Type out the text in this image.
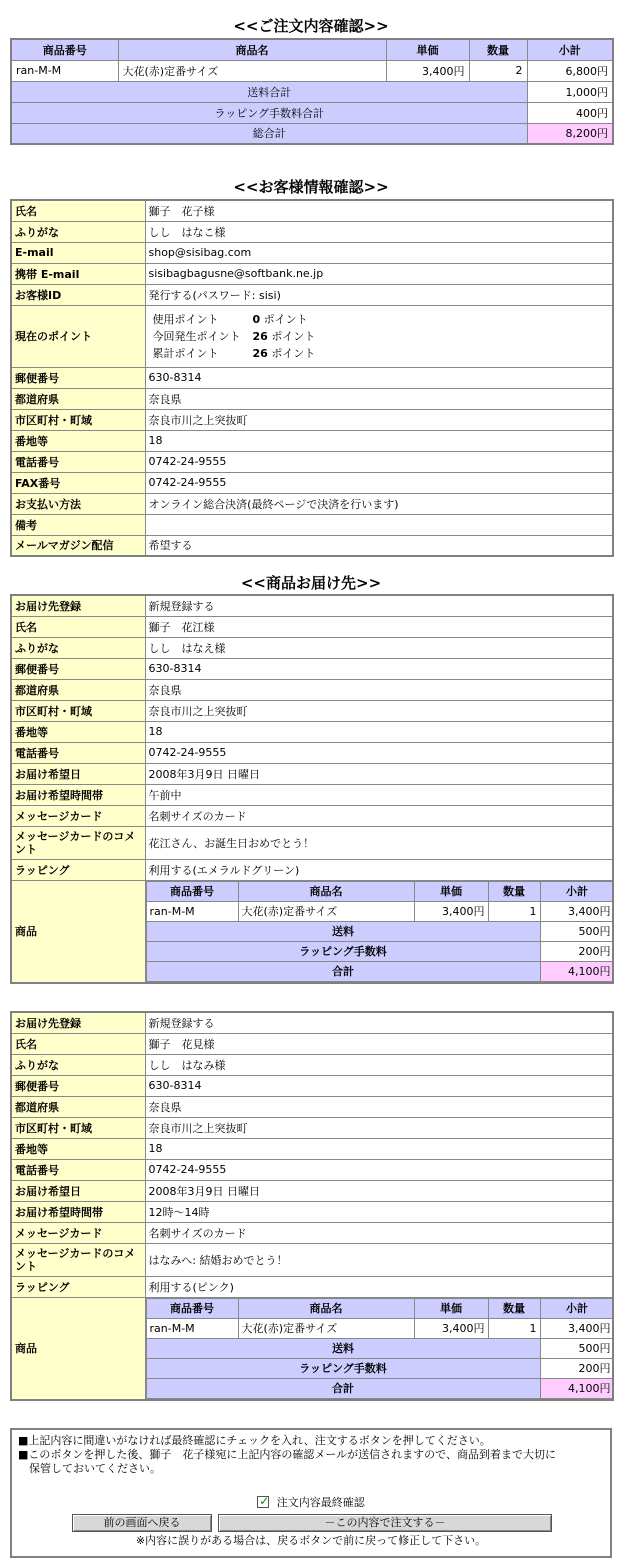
<<ご注文内容確認>>
商品番号	商品名	単価	数量	小計
ran-M-M	大花(赤)定番サイズ	3,400円	2	6,800円
送料合計				1,000円
ラッピング手数料合計				400円
総合計				8,200円
<<お客様情報確認>>
氏名	獅子　花子様
ふりがな	しし　はなこ様
E-mail	shop@sisibag.com
携帯 E-mail	sisibagbagusne@softbank.ne.jp
お客様ID	発行する(パスワード: sisi)
現在のポイント	
使用ポイント	0 ポイント
今回発生ポイント	26 ポイント
累計ポイント	26 ポイント

郵便番号	630-8314
都道府県	奈良県
市区町村・町域	奈良市川之上突抜町
番地等	18
電話番号	0742-24-9555
FAX番号	0742-24-9555
お支払い方法	オンライン総合決済(最終ページで決済を行います)
備考	
メールマガジン配信	希望する
<<商品お届け先>>
お届け先登録	新規登録する
氏名	獅子　花江様
ふりがな	しし　はなえ様
郵便番号	630-8314
都道府県	奈良県
市区町村・町域	奈良市川之上突抜町
番地等	18
電話番号	0742-24-9555
お届け希望日	2008年3月9日 日曜日
お届け希望時間帯	午前中
メッセージカード	名刺サイズのカード
メッセージカードのコメント	花江さん、お誕生日おめでとう！
ラッピング	利用する(エメラルドグリーン)
商品	
商品番号	商品名	単価	数量	小計
ran-M-M	大花(赤)定番サイズ	3,400円	1	3,400円
送料	500円
ラッピング手数料	200円
合計	4,100円
お届け先登録	新規登録する
氏名	獅子　花見様
ふりがな	しし　はなみ様
郵便番号	630-8314
都道府県	奈良県
市区町村・町域	奈良市川之上突抜町
番地等	18
電話番号	0742-24-9555
お届け希望日	2008年3月9日 日曜日
お届け希望時間帯	12時～14時
メッセージカード	名刺サイズのカード
メッセージカードのコメント	はなみへ: 結婚おめでとう！
ラッピング	利用する(ピンク)
商品	
商品番号	商品名	単価	数量	小計
ran-M-M	大花(赤)定番サイズ	3,400円	1	3,400円
送料	500円
ラッピング手数料	200円
合計	4,100円
■上記内容に間違いがなければ最終確認にチェックを入れ、注文するボタンを押してください。
■このボタンを押した後、獅子　花子様宛に上記内容の確認メールが送信されますので、商品到着まで大切に
　保管しておいてください。
✓ 注文内容最終確認
前の画面へ戻る	－この内容で注文する－
※内容に誤りがある場合は、戻るボタンで前に戻って修正して下さい。
